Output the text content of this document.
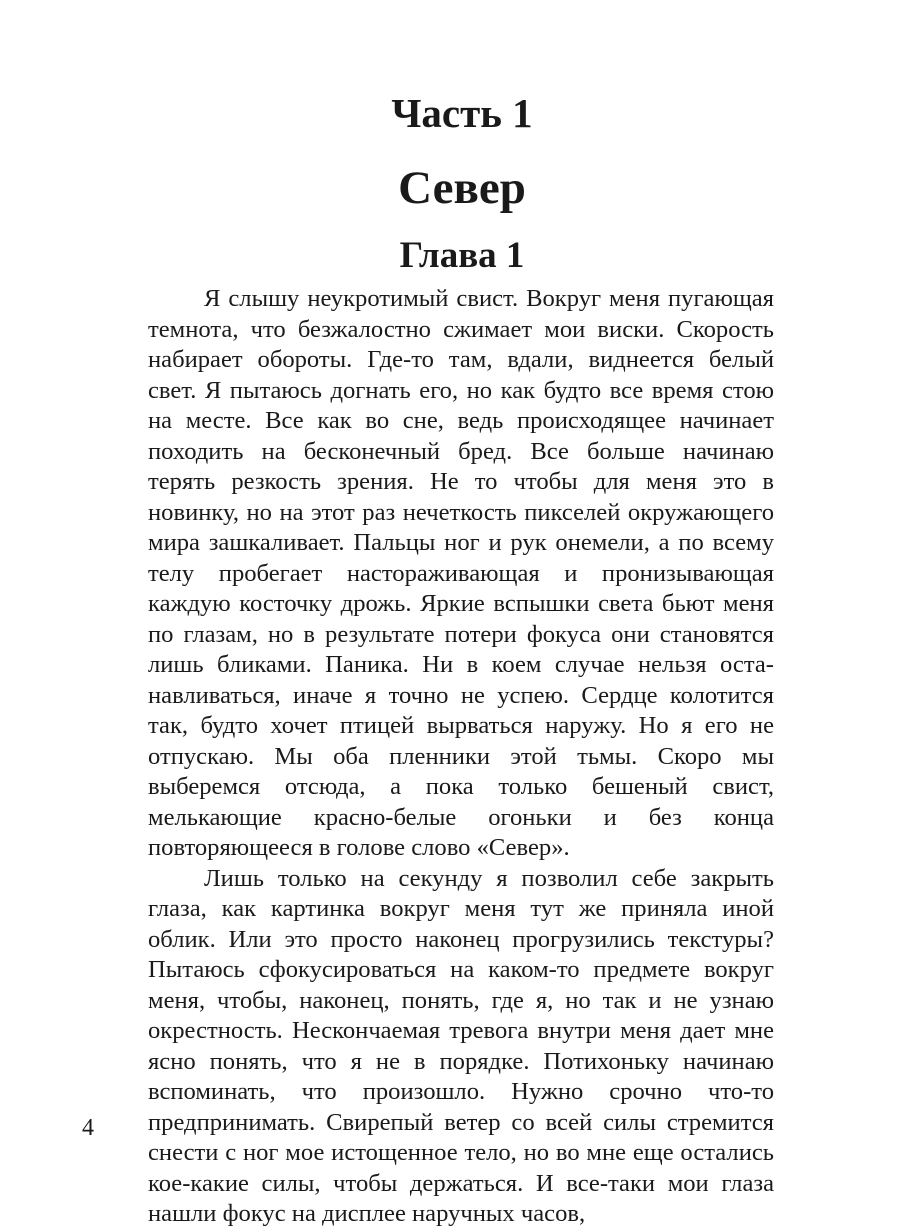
Часть 1
Север
Глава 1

Я слышу неукротимый свист. Вокруг меня пугающая темнота, что безжалостно сжимает мои виски. Скорость набирает обороты. Где-то там, вдали, виднеется белый свет. Я пытаюсь догнать его, но как будто все время стою на месте. Все как во сне, ведь происходящее начинает походить на бесконечный бред. Все больше начинаю терять резкость зрения. Не то чтобы для меня это в новинку, но на этот раз нечеткость пикселей окружающего мира зашкаливает. Пальцы ног и рук онемели, а по всему телу пробегает настораживающая и пронизывающая каждую косточку дрожь. Яркие вспышки света бьют меня по глазам, но в результате потери фокуса они становятся лишь бликами. Паника. Ни в коем случае нельзя останавливаться, иначе я точно не успею. Сердце колотится так, будто хочет птицей вырваться наружу. Но я его не отпускаю. Мы оба пленники этой тьмы. Скоро мы выберемся отсюда, а пока только бешеный свист, мелькающие красно-белые огоньки и без конца повторяющееся в голове слово «Север».

Лишь только на секунду я позволил себе закрыть глаза, как картинка вокруг меня тут же приняла иной облик. Или это просто наконец прогрузились текстуры? Пытаюсь сфокусироваться на каком-то предмете вокруг меня, чтобы, наконец, понять, где я, но так и не узнаю окрестность. Нескончаемая тревога внутри меня дает мне ясно понять, что я не в порядке. Потихоньку начинаю вспоминать, что произошло. Нужно срочно что-то предпринимать. Свирепый ветер со всей силы стремится снести с ног мое истощенное тело, но во мне еще остались кое-какие силы, чтобы держаться. И все-таки мои глаза нашли фокус на дисплее наручных часов,

4
